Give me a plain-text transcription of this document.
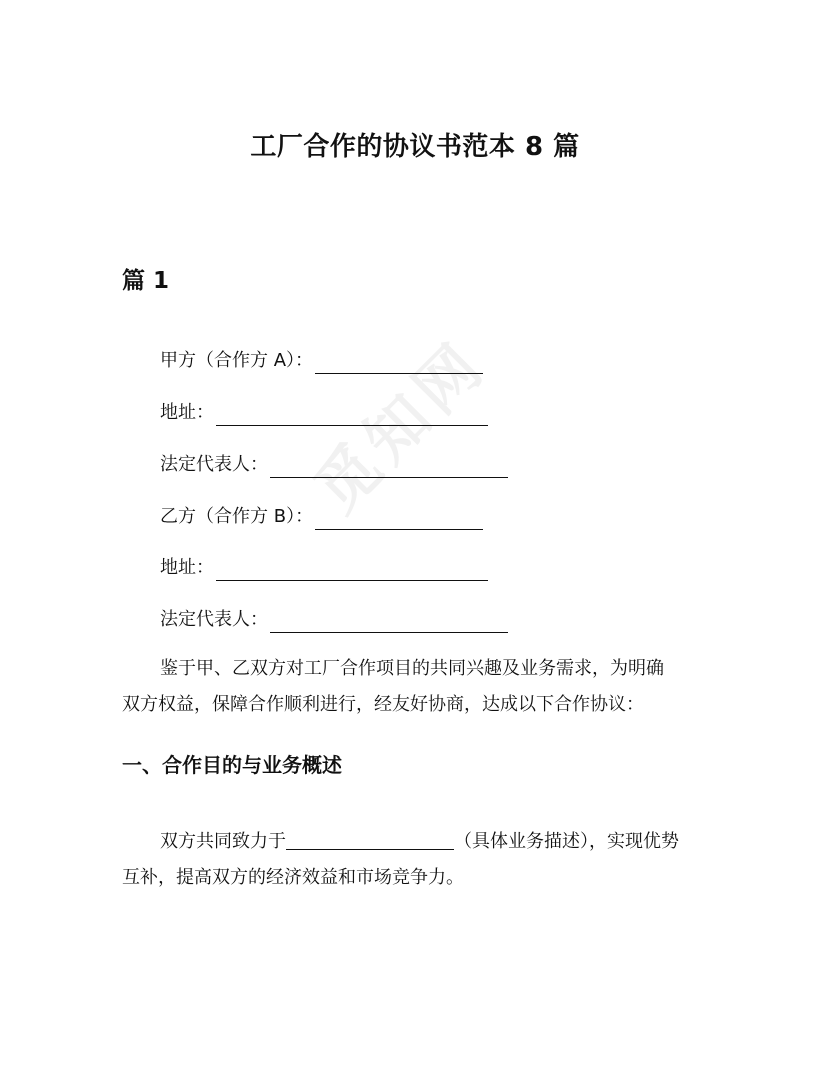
觅知网
工厂合作的协议书范本 8 篇
篇 1
甲方（合作方 A）：
地址：
法定代表人：
乙方（合作方 B）：
地址：
法定代表人：
鉴于甲、乙双方对工厂合作项目的共同兴趣及业务需求，为明确
双方权益，保障合作顺利进行，经友好协商，达成以下合作协议：
一、合作目的与业务概述
双方共同致力于	（具体业务描述），实现优势
互补，提高双方的经济效益和市场竞争力。
